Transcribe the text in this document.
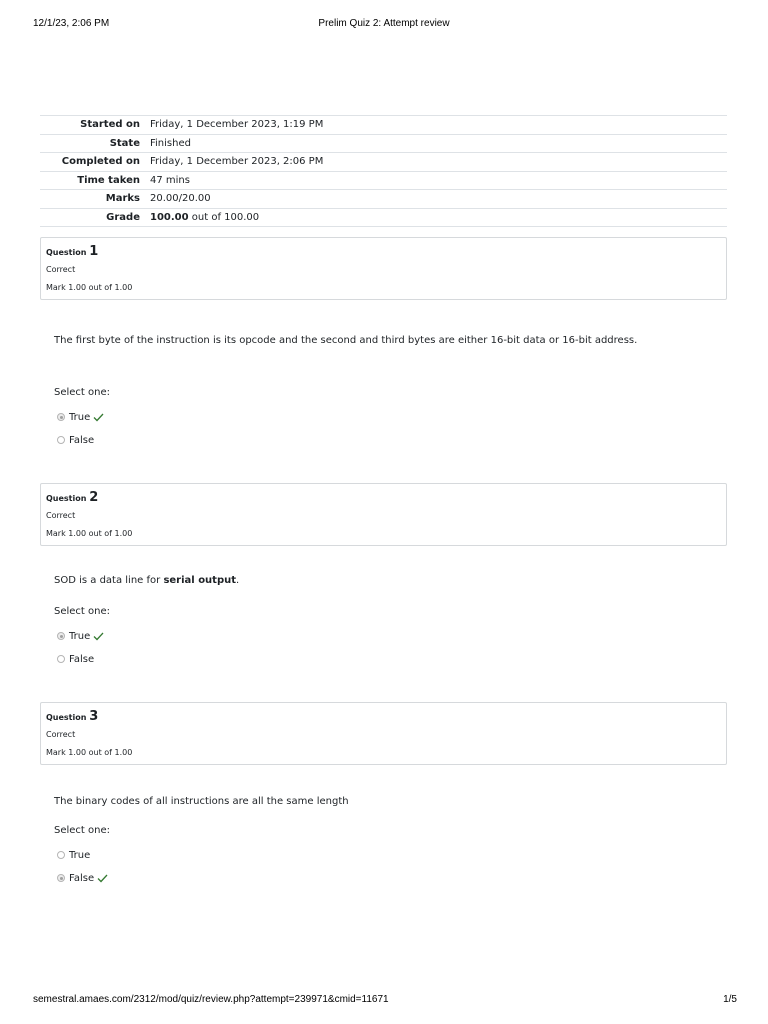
12/1/23, 2:06 PM	Prelim Quiz 2: Attempt review
Started on	Friday, 1 December 2023, 1:19 PM
State	Finished
Completed on	Friday, 1 December 2023, 2:06 PM
Time taken	47 mins
Marks	20.00/20.00
Grade	100.00 out of 100.00
Question 1
Correct
Mark 1.00 out of 1.00
The first byte of the instruction is its opcode and the second and third bytes are either 16-bit data or 16-bit address.
Select one:
True
False
Question 2
Correct
Mark 1.00 out of 1.00
SOD is a data line for serial output.
Select one:
True
False
Question 3
Correct
Mark 1.00 out of 1.00
The binary codes of all instructions are all the same length
Select one:
True
False
semestral.amaes.com/2312/mod/quiz/review.php?attempt=239971&cmid=11671	1/5
